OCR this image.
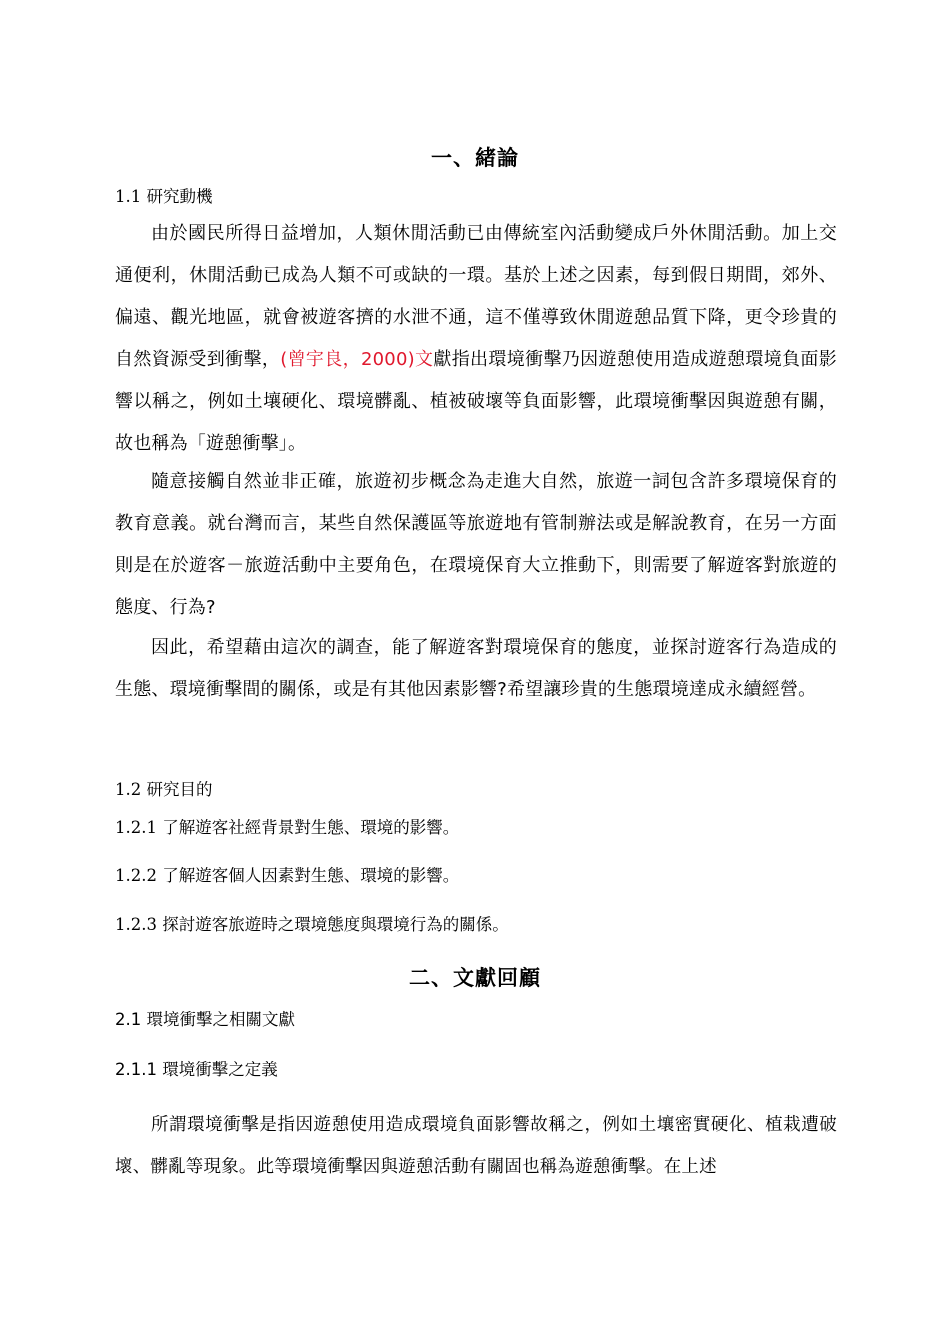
一、緒論
1.1 研究動機

由於國民所得日益增加，人類休閒活動已由傳統室內活動變成戶外休閒活動。加上交通便利，休閒活動已成為人類不可或缺的一環。基於上述之因素，每到假日期間，郊外、偏遠、觀光地區，就會被遊客擠的水泄不通，這不僅導致休閒遊憩品質下降，更令珍貴的自然資源受到衝擊，(曾宇良，2000)文獻指出環境衝擊乃因遊憩使用造成遊憩環境負面影響以稱之，例如土壤硬化、環境髒亂、植被破壞等負面影響，此環境衝擊因與遊憩有關，故也稱為「遊憩衝擊」。

隨意接觸自然並非正確，旅遊初步概念為走進大自然，旅遊一詞包含許多環境保育的教育意義。就台灣而言，某些自然保護區等旅遊地有管制辦法或是解說教育，在另一方面則是在於遊客－旅遊活動中主要角色，在環境保育大立推動下，則需要了解遊客對旅遊的態度、行為?

因此，希望藉由這次的調查，能了解遊客對環境保育的態度，並探討遊客行為造成的生態、環境衝擊間的關係，或是有其他因素影響?希望讓珍貴的生態環境達成永續經營。

1.2 研究目的
1.2.1 了解遊客社經背景對生態、環境的影響。
1.2.2 了解遊客個人因素對生態、環境的影響。
1.2.3 探討遊客旅遊時之環境態度與環境行為的關係。
二、文獻回顧
2.1 環境衝擊之相關文獻
2.1.1 環境衝擊之定義

所謂環境衝擊是指因遊憩使用造成環境負面影響故稱之，例如土壤密實硬化、植栽遭破壞、髒亂等現象。此等環境衝擊因與遊憩活動有關固也稱為遊憩衝擊。在上述
